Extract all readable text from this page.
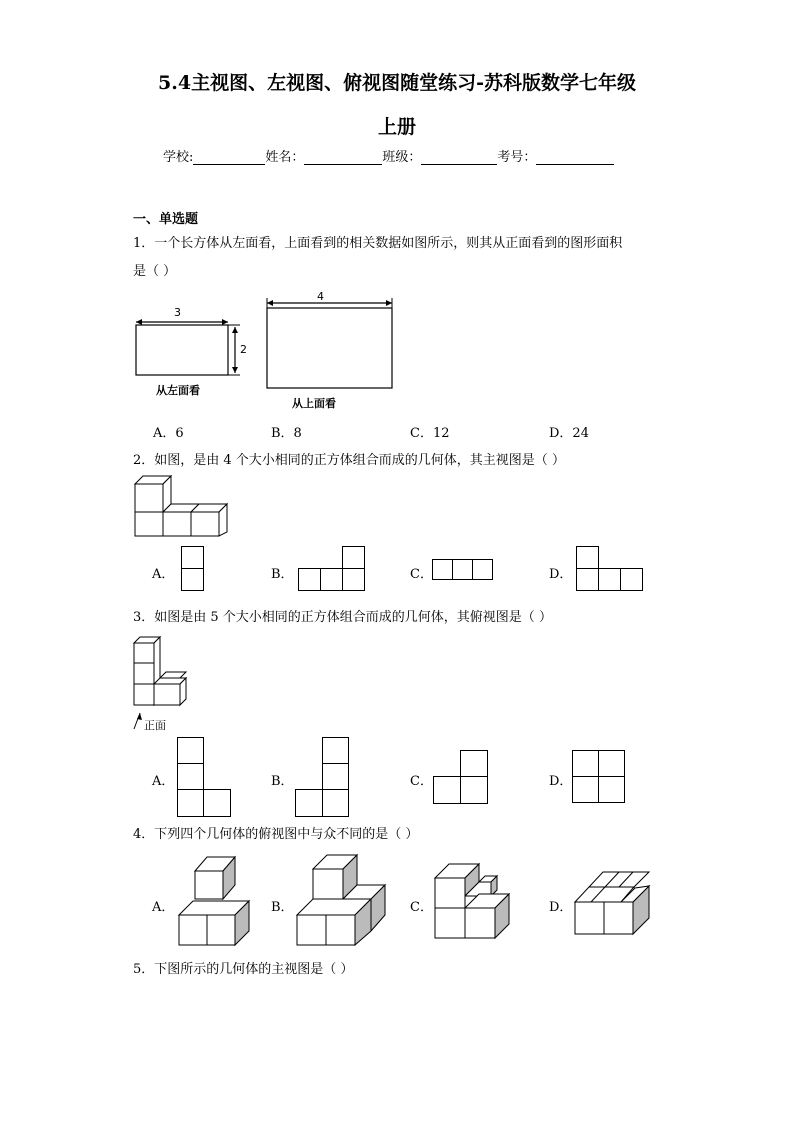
5.4主视图、左视图、俯视图随堂练习-苏科版数学七年级
上册
学校:	姓名：	班级：	考号：
一、单选题
1．一个长方体从左面看，上面看到的相关数据如图所示，则其从正面看到的图形面积
是（ ）
3
2
从左面看
4
从上面看
A．6	B．8	C．12	D．24
2．如图，是由 4 个大小相同的正方体组合而成的几何体，其主视图是（ ）
A．	B．	C．	D．
3．如图是由 5 个大小相同的正方体组合而成的几何体，其俯视图是（ ）
正面
A．	B．	C．	D．
4．下列四个几何体的俯视图中与众不同的是（ ）
A．	B．	C．	D．
5．下图所示的几何体的主视图是（ ）
